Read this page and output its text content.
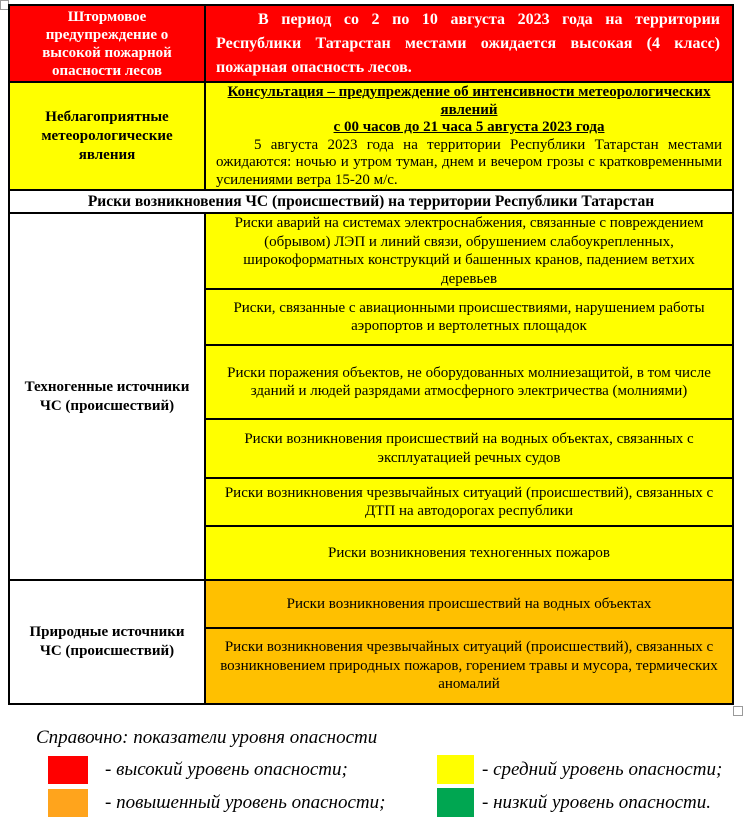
Штормовое предупреждение о высокой пожарной опасности лесов

В период со 2 по 10 августа 2023 года на территории Республики Татарстан местами ожидается высокая (4 класс) пожарная опасность лесов.

Неблагоприятные метеорологические явления
Консультация – предупреждение об интенсивности метеорологических явлений
с 00 часов до 21 часа 5 августа 2023 года

5 августа 2023 года на территории Республики Татарстан местами ожидаются: ночью и утром туман, днем и вечером грозы с кратковременными усилениями ветра 15-20 м/с.

Риски возникновения ЧС (происшествий) на территории Республики Татарстан
Техногенные источники ЧС (происшествий)
Риски аварий на системах электроснабжения, связанные с повреждением (обрывом) ЛЭП и линий связи, обрушением слабоукрепленных, широкоформатных конструкций и башенных кранов, падением ветхих деревьев
Риски, связанные с авиационными происшествиями, нарушением работы аэропортов и вертолетных площадок
Риски поражения объектов, не оборудованных молниезащитой, в том числе зданий и людей разрядами атмосферного электричества (молниями)
Риски возникновения происшествий на водных объектах, связанных с эксплуатацией речных судов
Риски возникновения чрезвычайных ситуаций (происшествий), связанных с ДТП на автодорогах республики
Риски возникновения техногенных пожаров
Природные источники ЧС (происшествий)
Риски возникновения происшествий на водных объектах
Риски возникновения чрезвычайных ситуаций (происшествий), связанных с возникновением природных пожаров, горением травы и мусора, термических аномалий
Справочно: показатели уровня опасности
- высокий уровень опасности;
- повышенный уровень опасности;
- средний уровень опасности;
- низкий уровень опасности.
